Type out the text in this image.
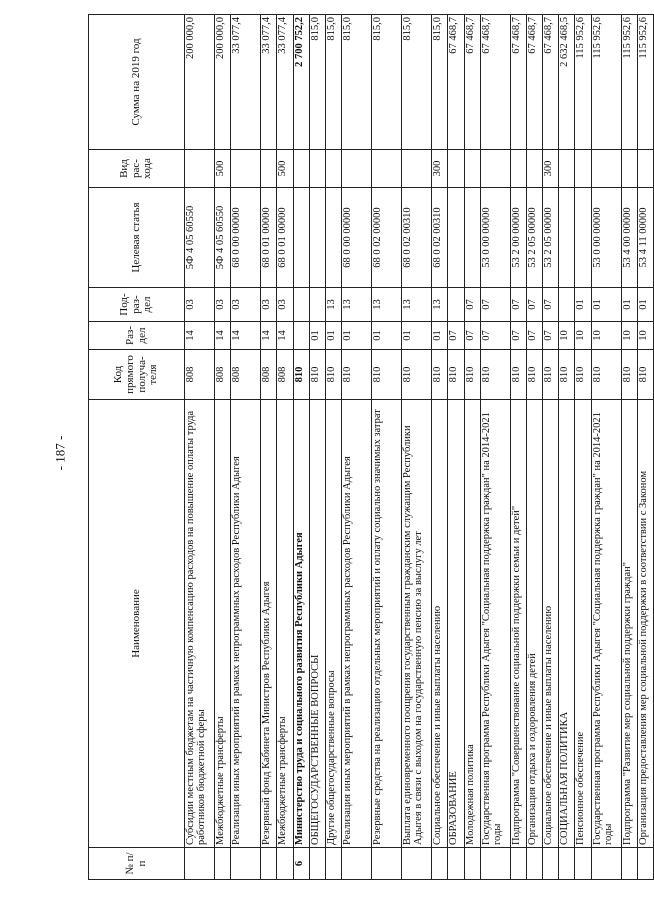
- 187 -
№ п/п	Наименование	Код прямого получа-теля	Раз-дел	Под-раз-дел	Целевая статья	Вид рас-хода	Сумма на 2019 год
	Субсидии местным бюджетам на частичную компенсацию расходов на повышение оплаты труда работников бюджетной сферы	808	14	03	5Ф 4 05 60550		200 000,0
	Межбюджетные трансферты	808	14	03	5Ф 4 05 60550	500	200 000,0
	Реализация иных мероприятий в рамках непрограммных расходов Республики Адыгея	808	14	03	68 0 00 00000		33 077,4
	Резервный фонд Кабинета Министров Республики Адыгея	808	14	03	68 0 01 00000		33 077,4
	Межбюджетные трансферты	808	14	03	68 0 01 00000	500	33 077,4
6	Министерство труда и социального развития Республики Адыгея	810					2 700 752,2
	ОБЩЕГОСУДАРСТВЕННЫЕ ВОПРОСЫ	810	01				815,0
	Другие общегосударственные вопросы	810	01	13			815,0
	Реализация иных мероприятий в рамках непрограммных расходов Республики Адыгея	810	01	13	68 0 00 00000		815,0
	Резервные средства на реализацию отдельных мероприятий и оплату социально значимых затрат	810	01	13	68 0 02 00000		815,0
	Выплата единовременного поощрения государственным гражданским служащим Республики Адыгея в связи с выходом на государственную пенсию за выслугу лет	810	01	13	68 0 02 00310		815,0
	Социальное обеспечение и иные выплаты населению	810	01	13	68 0 02 00310	300	815,0
	ОБРАЗОВАНИЕ	810	07				67 468,7
	Молодежная политика	810	07	07			67 468,7
	Государственная программа Республики Адыгея "Социальная поддержка граждан" на 2014-2021 годы	810	07	07	53 0 00 00000		67 468,7
	Подпрограмма "Совершенствование социальной поддержки семьи и детей"	810	07	07	53 2 00 00000		67 468,7
	Организация отдыха и оздоровления детей	810	07	07	53 2 05 00000		67 468,7
	Социальное обеспечение и иные выплаты населению	810	07	07	53 2 05 00000	300	67 468,7
	СОЦИАЛЬНАЯ ПОЛИТИКА	810	10				2 632 468,5
	Пенсионное обеспечение	810	10	01			115 952,6
	Государственная программа Республики Адыгея "Социальная поддержка граждан" на 2014-2021 годы	810	10	01	53 0 00 00000		115 952,6
	Подпрограмма "Развитие мер социальной поддержки граждан"	810	10	01	53 4 00 00000		115 952,6
	Организация предоставления мер социальной поддержки в соответствии с Законом	810	10	01	53 4 11 00000		115 952,6
